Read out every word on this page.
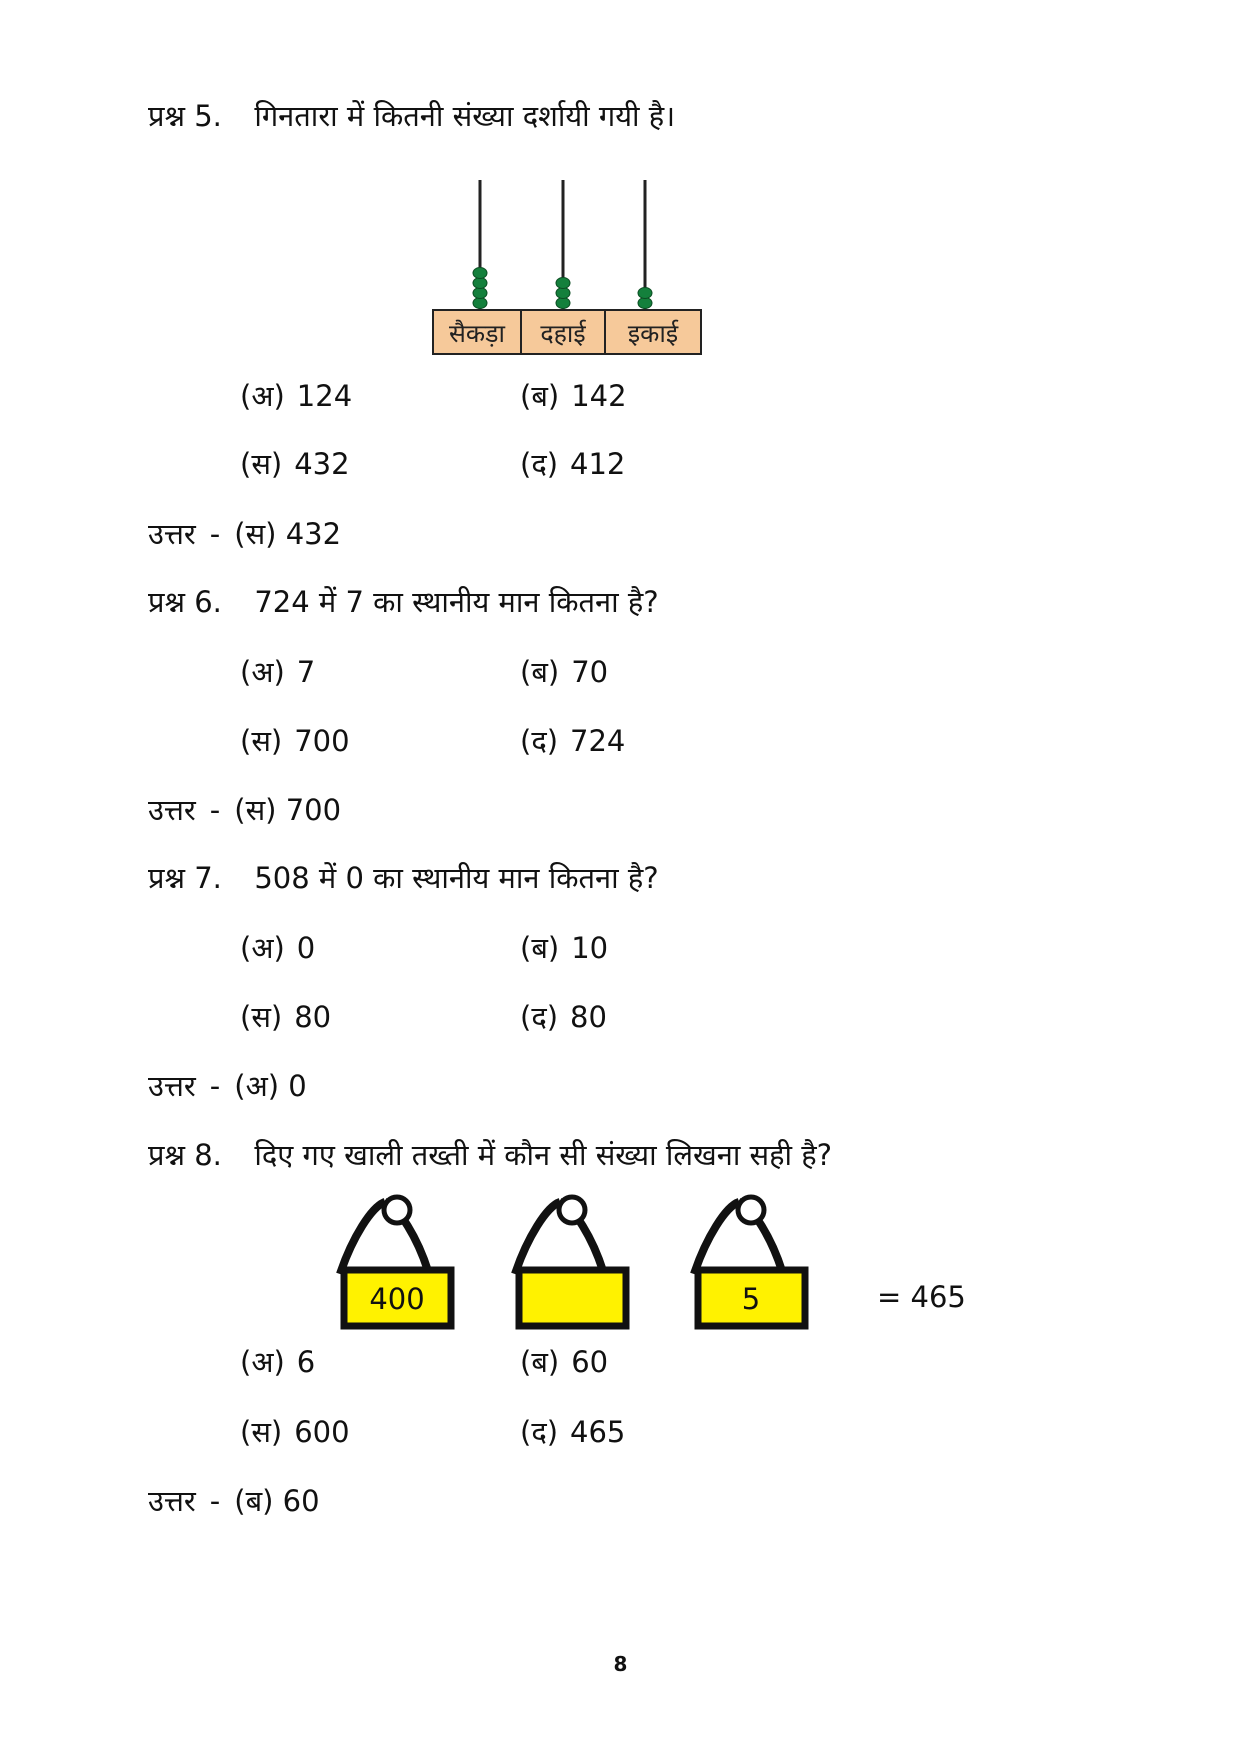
प्रश्न 5. गिनतारा में कितनी संख्या दर्शायी गयी है।
सैकड़ा दहाई इकाई
(अ) 124	(ब) 142
(स) 432	(द) 412
उत्तर - (स) 432
प्रश्न 6. 724 में 7 का स्थानीय मान कितना है?
(अ) 7	(ब) 70
(स) 700	(द) 724
उत्तर - (स) 700
प्रश्न 7. 508 में 0 का स्थानीय मान कितना है?
(अ) 0	(ब) 10
(स) 80	(द) 80
उत्तर - (अ) 0
प्रश्न 8. दिए गए खाली तख्ती में कौन सी संख्या लिखना सही है?
400	5	= 465
(अ) 6	(ब) 60
(स) 600	(द) 465
उत्तर - (ब) 60
8
